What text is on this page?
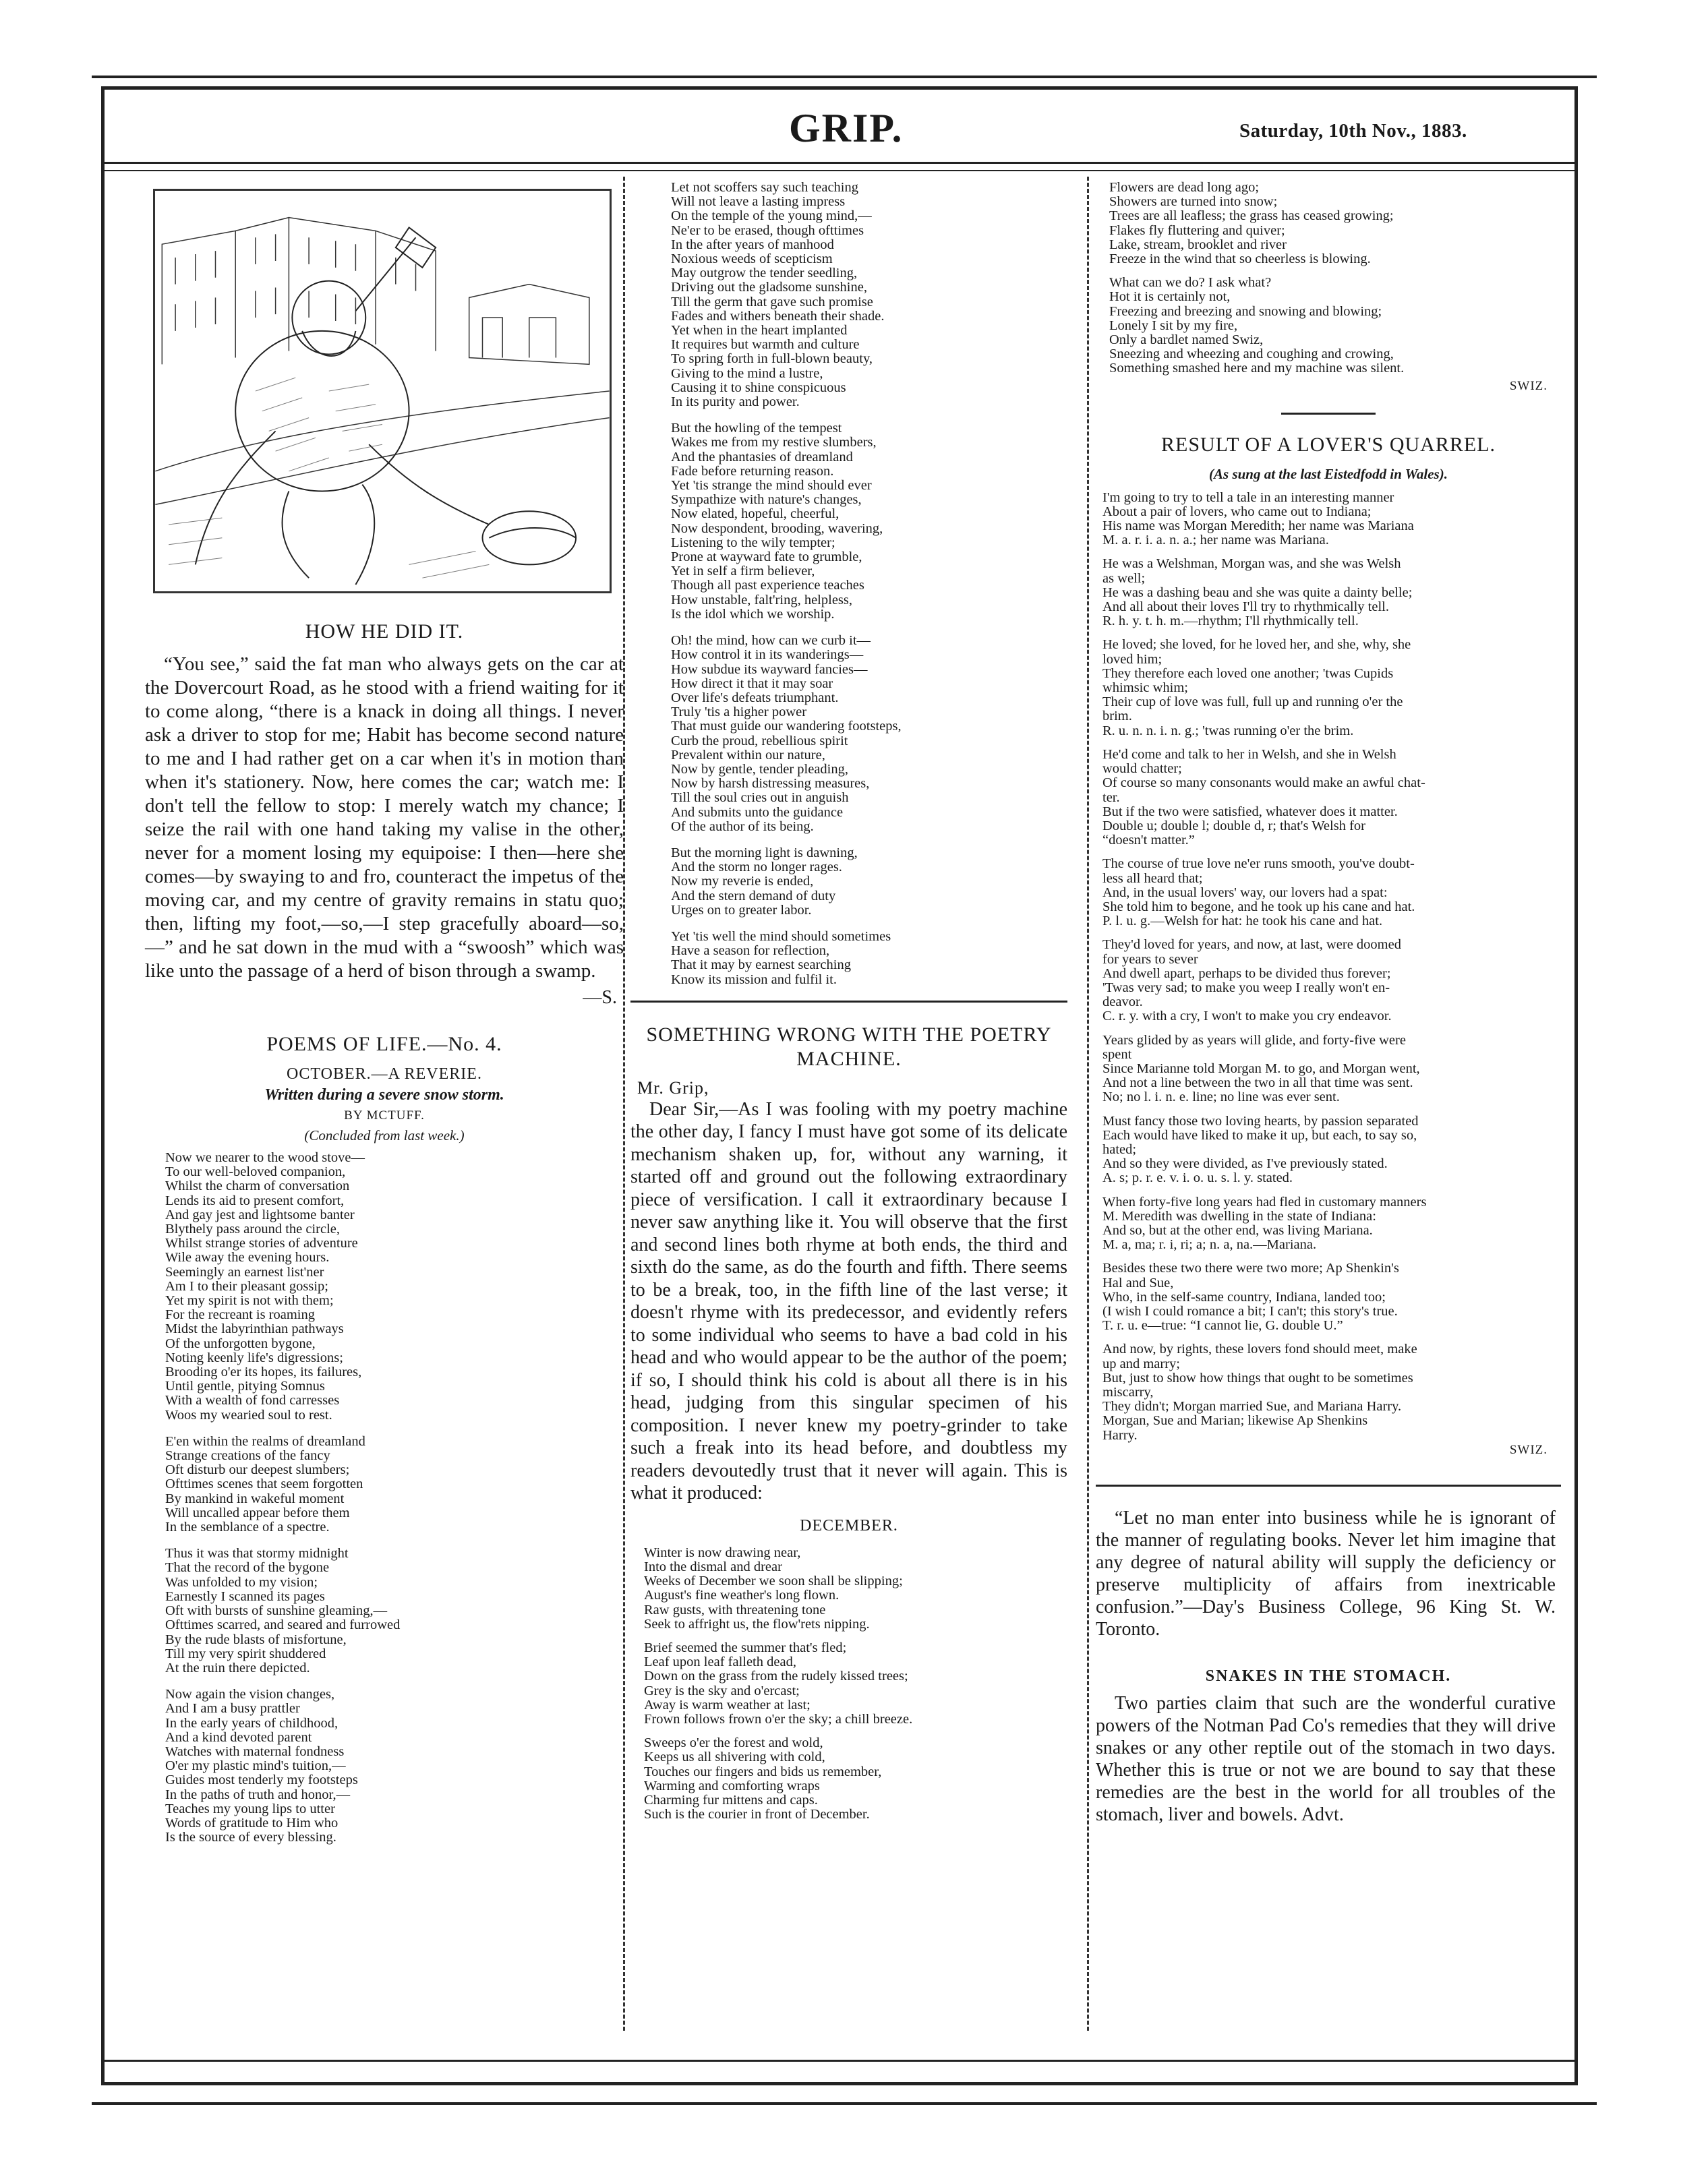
GRIP.	Saturday, 10th Nov., 1883.
HOW HE DID IT.

“You see,” said the fat man who always gets on the car at the Dovercourt Road, as he stood with a friend waiting for it to come along, “there is a knack in doing all things. I never ask a driver to stop for me; Habit has become second nature to me and I had rather get on a car when it's in motion than when it's stationery. Now, here comes the car; watch me: I don't tell the fellow to stop: I merely watch my chance; I seize the rail with one hand taking my valise in the other, never for a moment losing my equipoise: I then—here she comes—by swaying to and fro, counteract the impetus of the moving car, and my centre of gravity remains in statu quo; then, lifting my foot,—so,—I step gracefully aboard—so,—” and he sat down in the mud with a “swoosh” which was like unto the passage of a herd of bison through a swamp.

—S.
POEMS OF LIFE.—No. 4.
OCTOBER.—A REVERIE.
Written during a severe snow storm.
BY MCTUFF.
(Concluded from last week.)
Now we nearer to the wood stove—
To our well-beloved companion,
Whilst the charm of conversation
Lends its aid to present comfort,
And gay jest and lightsome banter
Blythely pass around the circle,
Whilst strange stories of adventure
Wile away the evening hours.
Seemingly an earnest list'ner
Am I to their pleasant gossip;
Yet my spirit is not with them;
For the recreant is roaming
Midst the labyrinthian pathways
Of the unforgotten bygone,
Noting keenly life's digressions;
Brooding o'er its hopes, its failures,
Until gentle, pitying Somnus
With a wealth of fond carresses
Woos my wearied soul to rest.
E'en within the realms of dreamland
Strange creations of the fancy
Oft disturb our deepest slumbers;
Ofttimes scenes that seem forgotten
By mankind in wakeful moment
Will uncalled appear before them
In the semblance of a spectre.
Thus it was that stormy midnight
That the record of the bygone
Was unfolded to my vision;
Earnestly I scanned its pages
Oft with bursts of sunshine gleaming,—
Ofttimes scarred, and seared and furrowed
By the rude blasts of misfortune,
Till my very spirit shuddered
At the ruin there depicted.
Now again the vision changes,
And I am a busy prattler
In the early years of childhood,
And a kind devoted parent
Watches with maternal fondness
O'er my plastic mind's tuition,—
Guides most tenderly my footsteps
In the paths of truth and honor,—
Teaches my young lips to utter
Words of gratitude to Him who
Is the source of every blessing.
Let not scoffers say such teaching
Will not leave a lasting impress
On the temple of the young mind,—
Ne'er to be erased, though ofttimes
In the after years of manhood
Noxious weeds of scepticism
May outgrow the tender seedling,
Driving out the gladsome sunshine,
Till the germ that gave such promise
Fades and withers beneath their shade.
Yet when in the heart implanted
It requires but warmth and culture
To spring forth in full-blown beauty,
Giving to the mind a lustre,
Causing it to shine conspicuous
In its purity and power.
But the howling of the tempest
Wakes me from my restive slumbers,
And the phantasies of dreamland
Fade before returning reason.
Yet 'tis strange the mind should ever
Sympathize with nature's changes,
Now elated, hopeful, cheerful,
Now despondent, brooding, wavering,
Listening to the wily tempter;
Prone at wayward fate to grumble,
Yet in self a firm believer,
Though all past experience teaches
How unstable, falt'ring, helpless,
Is the idol which we worship.
Oh! the mind, how can we curb it—
How control it in its wanderings—
How subdue its wayward fancies—
How direct it that it may soar
Over life's defeats triumphant.
Truly 'tis a higher power
That must guide our wandering footsteps,
Curb the proud, rebellious spirit
Prevalent within our nature,
Now by gentle, tender pleading,
Now by harsh distressing measures,
Till the soul cries out in anguish
And submits unto the guidance
Of the author of its being.
But the morning light is dawning,
And the storm no longer rages.
Now my reverie is ended,
And the stern demand of duty
Urges on to greater labor.
Yet 'tis well the mind should sometimes
Have a season for reflection,
That it may by earnest searching
Know its mission and fulfil it.
SOMETHING WRONG WITH THE POETRY MACHINE.
Mr. Grip,

Dear Sir,—As I was fooling with my poetry machine the other day, I fancy I must have got some of its delicate mechanism shaken up, for, without any warning, it started off and ground out the following extraordinary piece of versification. I call it extraordinary because I never saw anything like it. You will observe that the first and second lines both rhyme at both ends, the third and sixth do the same, as do the fourth and fifth. There seems to be a break, too, in the fifth line of the last verse; it doesn't rhyme with its predecessor, and evidently refers to some individual who seems to have a bad cold in his head and who would appear to be the author of the poem; if so, I should think his cold is about all there is in his head, judging from this singular specimen of his composition. I never knew my poetry-grinder to take such a freak into its head before, and doubtless my readers devoutedly trust that it never will again. This is what it produced:

DECEMBER.
Winter is now drawing near,
Into the dismal and drear
Weeks of December we soon shall be slipping;
August's fine weather's long flown.
Raw gusts, with threatening tone
Seek to affright us, the flow'rets nipping.
Brief seemed the summer that's fled;
Leaf upon leaf falleth dead,
Down on the grass from the rudely kissed trees;
Grey is the sky and o'ercast;
Away is warm weather at last;
Frown follows frown o'er the sky; a chill breeze.
Sweeps o'er the forest and wold,
Keeps us all shivering with cold,
Touches our fingers and bids us remember,
Warming and comforting wraps
Charming fur mittens and caps.
Such is the courier in front of December.
Flowers are dead long ago;
Showers are turned into snow;
Trees are all leafless; the grass has ceased growing;
Flakes fly fluttering and quiver;
Lake, stream, brooklet and river
Freeze in the wind that so cheerless is blowing.
What can we do? I ask what?
Hot it is certainly not,
Freezing and breezing and snowing and blowing;
Lonely I sit by my fire,
Only a bardlet named Swiz,
Sneezing and wheezing and coughing and crowing,
Something smashed here and my machine was silent.
SWIZ.
RESULT OF A LOVER'S QUARREL.
(As sung at the last Eistedfodd in Wales).
I'm going to try to tell a tale in an interesting manner
About a pair of lovers, who came out to Indiana;
His name was Morgan Meredith; her name was Mariana
M. a. r. i. a. n. a.; her name was Mariana.
He was a Welshman, Morgan was, and she was Welsh
as well;
He was a dashing beau and she was quite a dainty belle;
And all about their loves I'll try to rhythmically tell.
R. h. y. t. h. m.—rhythm; I'll rhythmically tell.
He loved; she loved, for he loved her, and she, why, she
loved him;
They therefore each loved one another; 'twas Cupids
whimsic whim;
Their cup of love was full, full up and running o'er the
brim.
R. u. n. n. i. n. g.; 'twas running o'er the brim.
He'd come and talk to her in Welsh, and she in Welsh
would chatter;
Of course so many consonants would make an awful chat-
ter.
But if the two were satisfied, whatever does it matter.
Double u; double l; double d, r; that's Welsh for
“doesn't matter.”
The course of true love ne'er runs smooth, you've doubt-
less all heard that;
And, in the usual lovers' way, our lovers had a spat:
She told him to begone, and he took up his cane and hat.
P. l. u. g.—Welsh for hat: he took his cane and hat.
They'd loved for years, and now, at last, were doomed
for years to sever
And dwell apart, perhaps to be divided thus forever;
'Twas very sad; to make you weep I really won't en-
deavor.
C. r. y. with a cry, I won't to make you cry endeavor.
Years glided by as years will glide, and forty-five were
spent
Since Marianne told Morgan M. to go, and Morgan went,
And not a line between the two in all that time was sent.
No; no l. i. n. e. line; no line was ever sent.
Must fancy those two loving hearts, by passion separated
Each would have liked to make it up, but each, to say so,
hated;
And so they were divided, as I've previously stated.
A. s; p. r. e. v. i. o. u. s. l. y. stated.
When forty-five long years had fled in customary manners
M. Meredith was dwelling in the state of Indiana:
And so, but at the other end, was living Mariana.
M. a, ma; r. i, ri; a; n. a, na.—Mariana.
Besides these two there were two more; Ap Shenkin's
Hal and Sue,
Who, in the self-same country, Indiana, landed too;
(I wish I could romance a bit; I can't; this story's true.
T. r. u. e—true: “I cannot lie, G. double U.”
And now, by rights, these lovers fond should meet, make
up and marry;
But, just to show how things that ought to be sometimes
miscarry,
They didn't; Morgan married Sue, and Mariana Harry.
Morgan, Sue and Marian; likewise Ap Shenkins
Harry.
SWIZ.

“Let no man enter into business while he is ignorant of the manner of regulating books. Never let him imagine that any degree of natural ability will supply the deficiency or preserve multiplicity of affairs from inextricable confusion.”—Day's Business College, 96 King St. W. Toronto.

SNAKES IN THE STOMACH.

Two parties claim that such are the wonderful curative powers of the Notman Pad Co's remedies that they will drive snakes or any other reptile out of the stomach in two days. Whether this is true or not we are bound to say that these remedies are the best in the world for all troubles of the stomach, liver and bowels. Advt.
